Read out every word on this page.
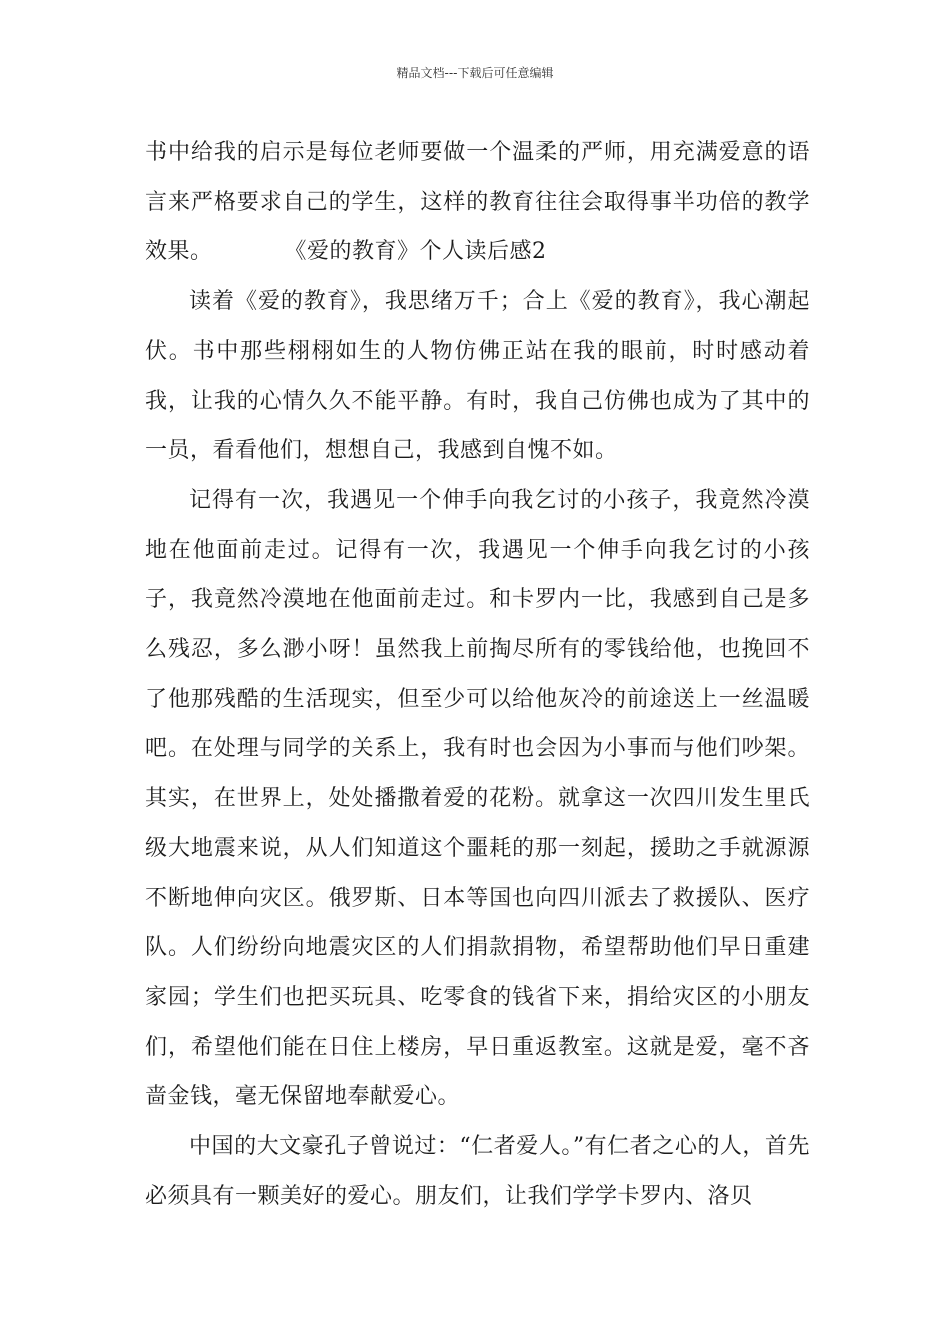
精品文档---下载后可任意编辑

书中给我的启示是每位老师要做一个温柔的严师，用充满爱意的语言来严格要求自己的学生，这样的教育往往会取得事半功倍的教学效果。	《爱的教育》个人读后感2

读着《爱的教育》，我思绪万千；合上《爱的教育》，我心潮起伏。书中那些栩栩如生的人物仿佛正站在我的眼前，时时感动着我，让我的心情久久不能平静。有时，我自己仿佛也成为了其中的一员，看看他们，想想自己，我感到自愧不如。

记得有一次，我遇见一个伸手向我乞讨的小孩子，我竟然冷漠地在他面前走过。记得有一次，我遇见一个伸手向我乞讨的小孩子，我竟然冷漠地在他面前走过。和卡罗内一比，我感到自己是多么残忍，多么渺小呀！虽然我上前掏尽所有的零钱给他，也挽回不了他那残酷的生活现实，但至少可以给他灰冷的前途送上一丝温暖吧。在处理与同学的关系上，我有时也会因为小事而与他们吵架。其实，在世界上，处处播撒着爱的花粉。就拿这一次四川发生里氏级大地震来说，从人们知道这个噩耗的那一刻起，援助之手就源源不断地伸向灾区。俄罗斯、日本等国也向四川派去了救援队、医疗队。人们纷纷向地震灾区的人们捐款捐物，希望帮助他们早日重建家园；学生们也把买玩具、吃零食的钱省下来，捐给灾区的小朋友们，希望他们能在日住上楼房，早日重返教室。这就是爱，毫不吝啬金钱，毫无保留地奉献爱心。

中国的大文豪孔子曾说过：“仁者爱人。”有仁者之心的人，首先必须具有一颗美好的爱心。朋友们，让我们学学卡罗内、洛贝
